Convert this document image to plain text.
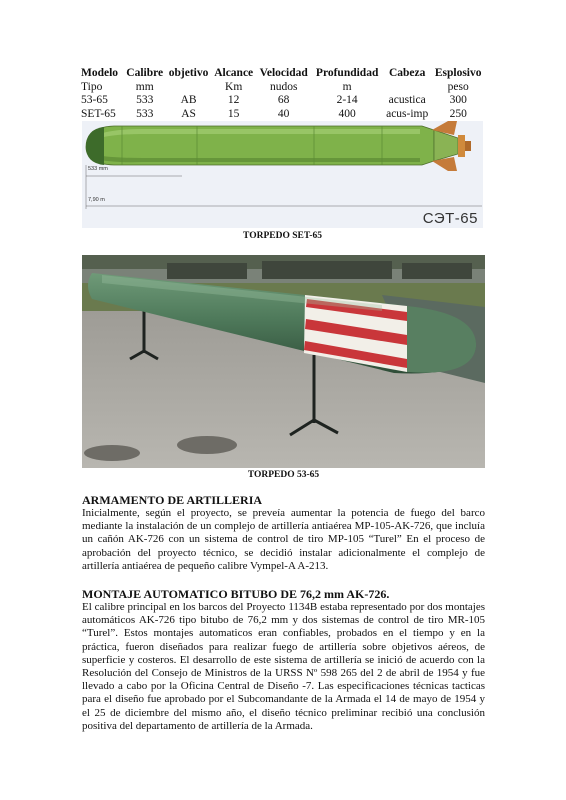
Modelo	Calibre	objetivo	Alcance	Velocidad	Profundidad	Cabeza	Esplosivo
Tipo	mm		Km	nudos	m		peso
53-65	533	AB	12	68	2-14	acustica	300
SET-65	533	AS	15	40	400	acus-imp	250
533 mm
7,90 m
СЭТ-65
TORPEDO SET-65
TORPEDO 53-65
ARMAMENTO DE ARTILLERIA
Inicialmente, según el proyecto, se preveía aumentar la potencia de fuego del barco mediante la instalación de un complejo de artillería antiaérea MP-105-AK-726, que incluía un cañón AK-726 con un sistema de control de tiro MP-105 “Turel” En el proceso de aprobación del proyecto técnico, se decidió instalar adicionalmente el complejo de artillería antiaérea de pequeño calibre Vympel-A A-213.
MONTAJE AUTOMATICO BITUBO DE 76,2 mm AK-726.
El calibre principal en los barcos del Proyecto 1134B estaba representado por dos montajes automáticos AK-726 tipo bitubo de 76,2 mm y dos sistemas de control de tiro MR-105 “Turel”. Estos montajes automaticos eran confiables, probados en el tiempo y en la práctica, fueron diseñados para realizar fuego de artillería sobre objetivos aéreos, de superficie y costeros. El desarrollo de este sistema de artillería se inició de acuerdo con la Resolución del Consejo de Ministros de la URSS Nº 598 265 del 2 de abril de 1954 y fue llevado a cabo por la Oficina Central de Diseño -7. Las especificaciones técnicas tacticas para el diseño fue aprobado por el Subcomandante de la Armada el 14 de mayo de 1954 y el 25 de diciembre del mismo año, el diseño técnico preliminar recibió una conclusión positiva del departamento de artillería de la Armada.
